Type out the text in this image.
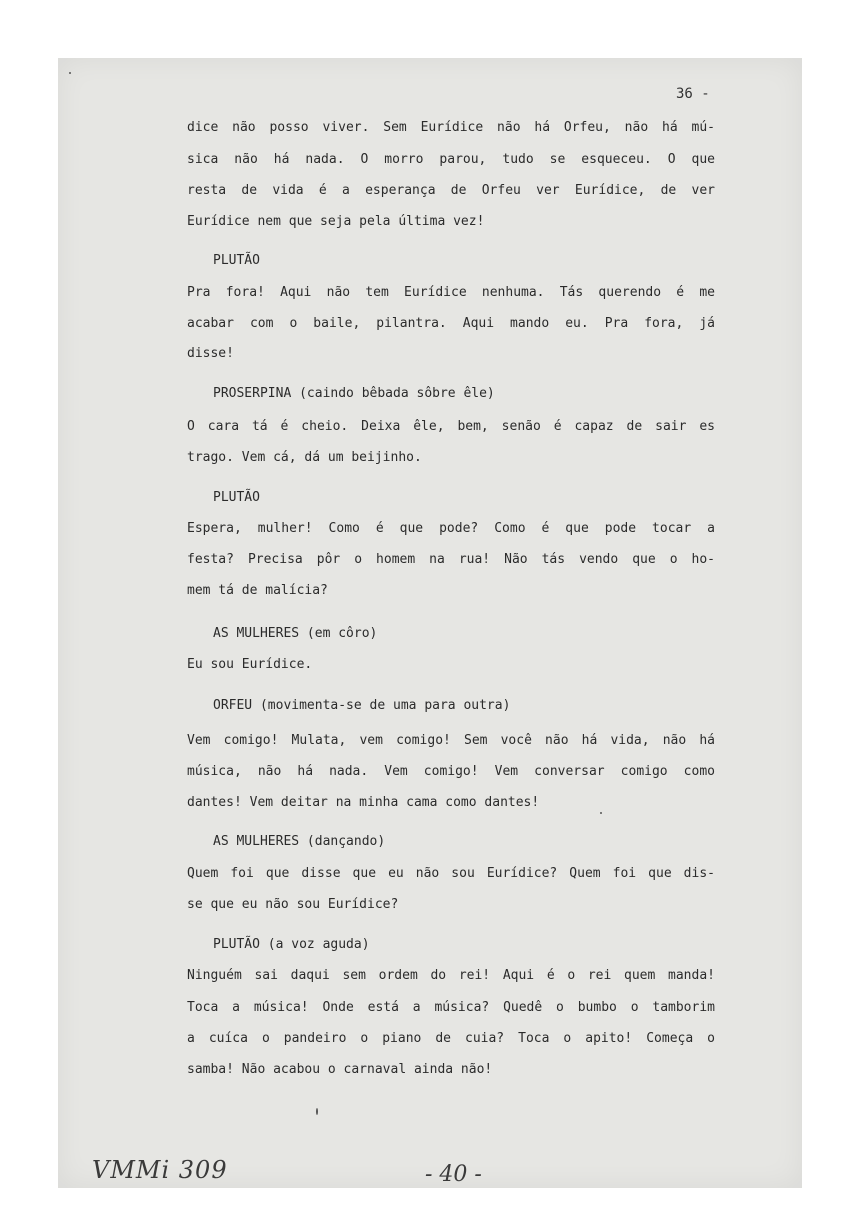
36 -
dice não posso viver. Sem Eurídice não há Orfeu, não há mú-
sica não há nada. O morro parou, tudo se esqueceu. O que
resta de vida é a esperança de Orfeu ver Eurídice, de ver
Eurídice nem que seja pela última vez!
PLUTÃO
Pra fora! Aqui não tem Eurídice nenhuma. Tás querendo é me
acabar com o baile, pilantra. Aqui mando eu. Pra fora, já
disse!
PROSERPINA (caindo bêbada sôbre êle)
O cara tá é cheio. Deixa êle, bem, senão é capaz de sair es
trago. Vem cá, dá um beijinho.
PLUTÃO
Espera, mulher! Como é que pode? Como é que pode tocar a
festa? Precisa pôr o homem na rua! Não tás vendo que o ho-
mem tá de malícia?
AS MULHERES (em côro)
Eu sou Eurídice.
ORFEU (movimenta-se de uma para outra)
Vem comigo! Mulata, vem comigo! Sem você não há vida, não há
música, não há nada. Vem comigo! Vem conversar comigo como
dantes! Vem deitar na minha cama como dantes!
AS MULHERES (dançando)
Quem foi que disse que eu não sou Eurídice? Quem foi que dis-
se que eu não sou Eurídice?
PLUTÃO (a voz aguda)
Ninguém sai daqui sem ordem do rei! Aqui é o rei quem manda!
Toca a música! Onde está a música? Quedê o bumbo o tamborim
a cuíca o pandeiro o piano de cuia? Toca o apito! Começa o
samba! Não acabou o carnaval ainda não!
VMMi 309	- 40 -
